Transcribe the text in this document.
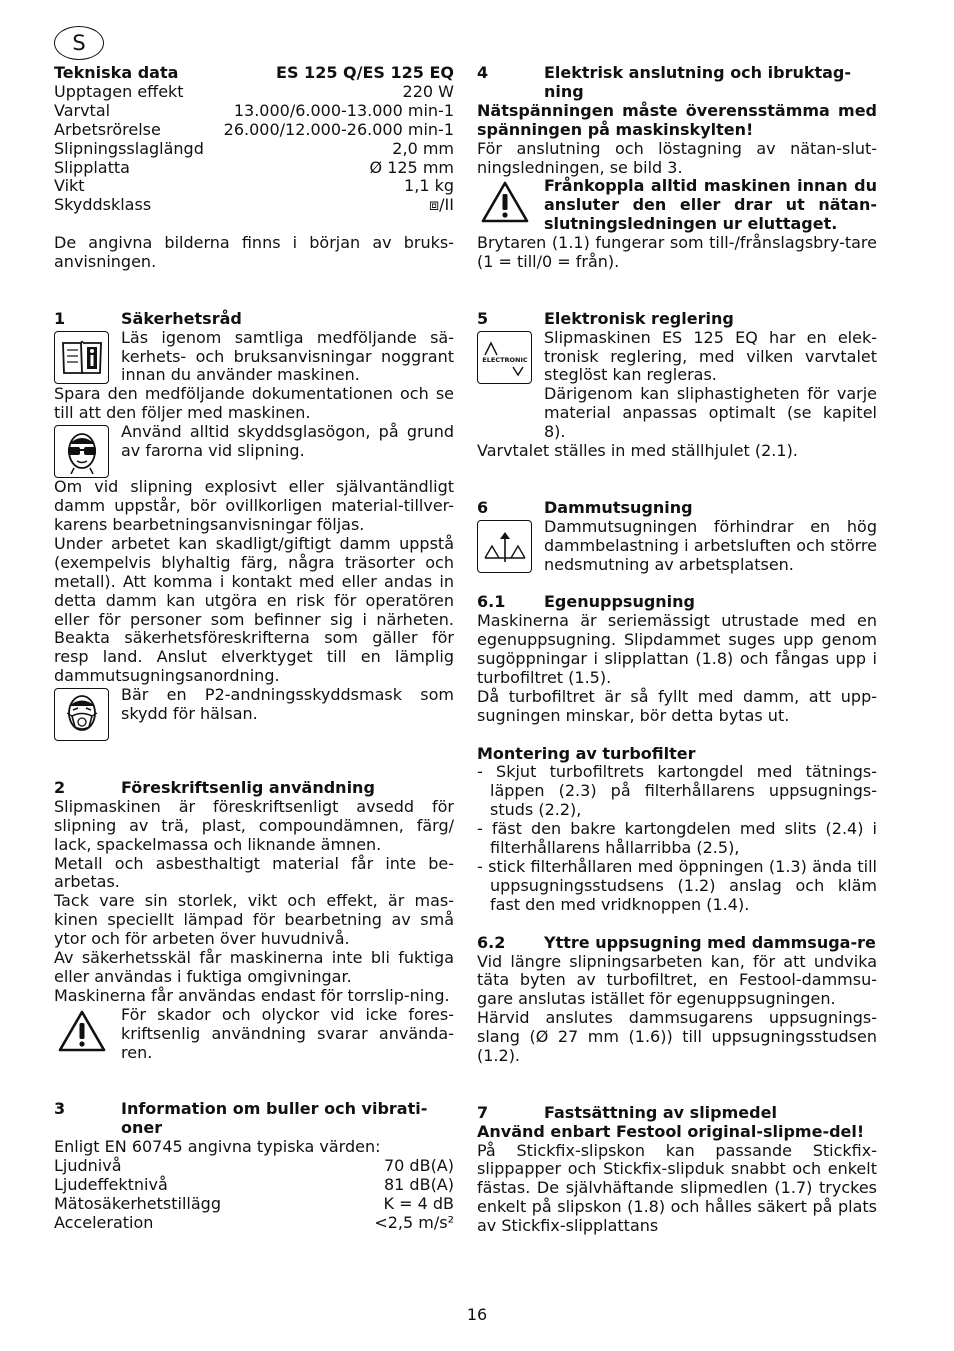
S
Tekniska data	ES 125 Q/ES 125 EQ
Upptagen effekt	220 W
Varvtal	13.000/6.000-13.000 min-1
Arbetsrörelse	26.000/12.000-26.000 min-1
Slipningsslaglängd	2,0 mm
Slipplatta	Ø 125 mm
Vikt	1,1 kg
Skyddsklass	⧈/II

De angivna bilderna finns i början av bruks-anvisningen.

1	Säkerhetsråd

Läs igenom samtliga medföljande sä-kerhets- och bruksanvisningar noggrant innan du använder maskinen.

Spara den medföljande dokumentationen och se till att den följer med maskinen.

Använd alltid skyddsglasögon, på grund av farorna vid slipning.

Om vid slipning explosivt eller självantändligt damm uppstår, bör ovillkorligen material-tillver-karens bearbetningsanvisningar följas.

Under arbetet kan skadligt/giftigt damm uppstå (exempelvis blyhaltig färg, några träsorter och metall). Att komma i kontakt med eller andas in detta damm kan utgöra en risk för operatören eller för personer som befinner sig i närheten. Beakta säkerhetsföreskrifterna som gäller för resp land. Anslut elverktyget till en lämplig dammutsugningsanordning.

Bär en P2-andningsskyddsmask som skydd för hälsan.

2	Föreskriftsenlig användning

Slipmaskinen är föreskriftsenligt avsedd för slipning av trä, plast, compoundämnen, färg/ lack, spackelmassa och liknande ämnen.

Metall och asbesthaltigt material får inte be-arbetas.

Tack vare sin storlek, vikt och effekt, är mas-kinen speciellt lämpad för bearbetning av små ytor och för arbeten över huvudnivå.

Av säkerhetsskäl får maskinerna inte bli fuktiga eller användas i fuktiga omgivningar.

Maskinerna får användas endast för torrslip-ning.

För skador och olyckor vid icke fores-kriftsenlig användning svarar använda-ren.

3	Information om buller och vibrati-oner

Enligt EN 60745 angivna typiska värden:

Ljudnivå	70 dB(A)
Ljudeffektnivå	81 dB(A)
Mätosäkerhetstillägg	K = 4 dB
Acceleration	<2,5 m/s²
4	Elektrisk anslutning och ibruktag-ning

Nätspänningen måste överensstämma med spänningen på maskinskylten!

För anslutning och löstagning av nätan-slut-ningsledningen, se bild 3.

Frånkoppla alltid maskinen innan du ansluter den eller drar ut nätan-slutningsledningen ur eluttaget.

Brytaren (1.1) fungerar som till-/frånslagsbry-tare (1 = till/0 = från).

5	Elektronisk reglering
ELECTRONIC

Slipmaskinen ES 125 EQ har en elek-tronisk reglering, med vilken varvtalet steglöst kan regleras.

Därigenom kan sliphastigheten för varje material anpassas optimalt (se kapitel 8).

Varvtalet ställes in med ställhjulet (2.1).

6	Dammutsugning

Dammutsugningen förhindrar en hög dammbelastning i arbetsluften och större nedsmutning av arbetsplatsen.

6.1	Egenuppsugning

Maskinerna är seriemässigt utrustade med en egenuppsugning. Slipdammet suges upp genom sugöppningar i slipplattan (1.8) och fångas upp i turbofiltret (1.5).

Då turbofiltret är så fyllt med damm, att upp-sugningen minskar, bör detta bytas ut.

Montering av turbofilter

- Skjut turbofiltrets kartongdel med tätnings-läppen (2.3) på filterhållarens uppsugnings-studs (2.2),
- fäst den bakre kartongdelen med slits (2.4) i filterhållarens hållarribba (2.5),
- stick filterhållaren med öppningen (1.3) ända till uppsugningsstudsens (1.2) anslag och kläm fast den med vridknoppen (1.4).
6.2	Yttre uppsugning med dammsuga-re

Vid längre slipningsarbeten kan, för att undvika täta byten av turbofiltret, en Festool-dammsu-gare anslutas istället för egenuppsugningen.

Härvid anslutes dammsugarens uppsugnings-slang (Ø 27 mm (1.6)) till uppsugningsstudsen (1.2).

7	Fastsättning av slipmedel

Använd enbart Festool original-slipme-del!

På Stickfix-slipskon kan passande Stickfix-slippapper och Stickfix-slipduk snabbt och enkelt fästas. De självhäftande slipmedlen (1.7) tryckes enkelt på slipskon (1.8) och hålles säkert på plats av Stickfix-slipplattans

16
